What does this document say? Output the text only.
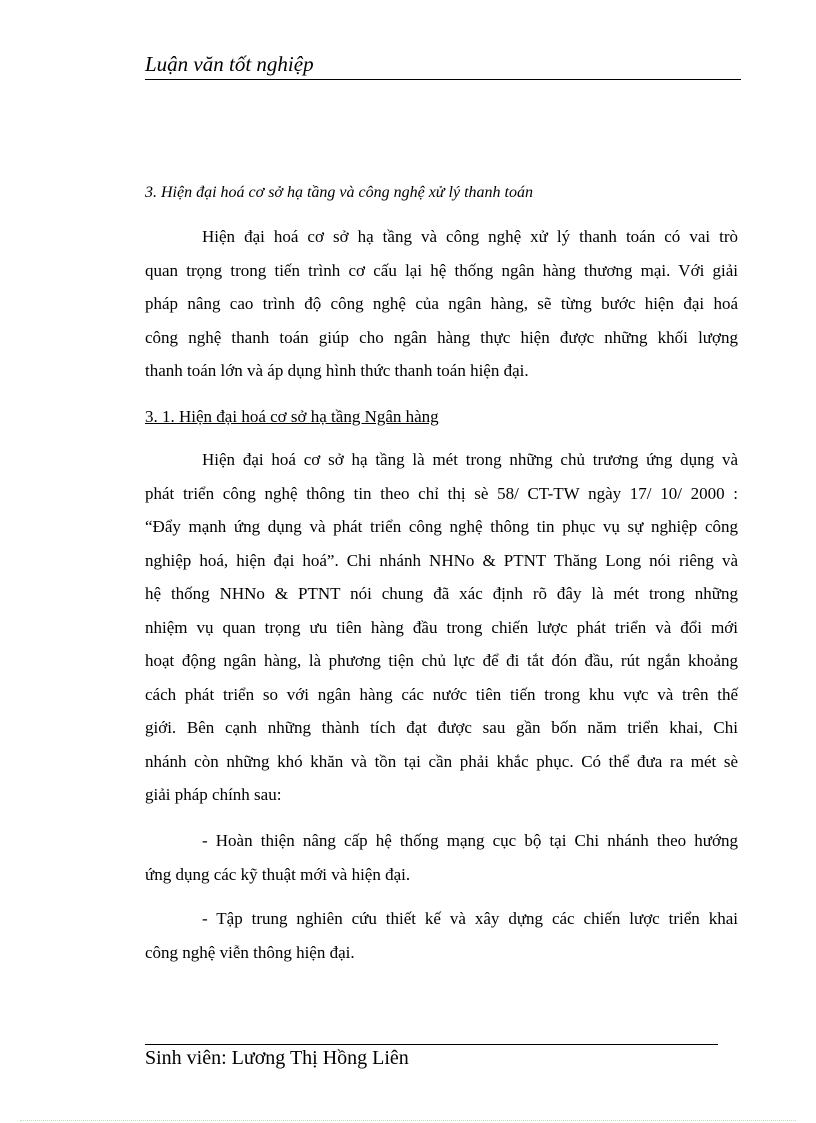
Luận văn tốt nghiệp
3. Hiện đại hoá cơ sở hạ tầng và công nghệ xử lý thanh toán
Hiện đại hoá cơ sở hạ tầng và công nghệ xử lý thanh toán có vai trò
quan trọng trong tiến trình cơ cấu lại hệ thống ngân hàng thương mại. Với giải
pháp nâng cao trình độ công nghệ của ngân hàng, sẽ từng bước hiện đại hoá
công nghệ thanh toán giúp cho ngân hàng thực hiện được những khối lượng
thanh toán lớn và áp dụng hình thức thanh toán hiện đại.
3. 1. Hiện đại hoá cơ sở hạ tầng Ngân hàng
Hiện đại hoá cơ sở hạ tầng là mét trong những chủ trương ứng dụng và
phát triển công nghệ thông tin theo chỉ thị sè 58/ CT-TW ngày 17/ 10/ 2000 :
“Đẩy mạnh ứng dụng và phát triển công nghệ thông tin phục vụ sự nghiệp công
nghiệp hoá, hiện đại hoá”. Chi nhánh NHNo & PTNT Thăng Long nói riêng và
hệ thống NHNo & PTNT nói chung đã xác định rõ đây là mét trong những
nhiệm vụ quan trọng ưu tiên hàng đầu trong chiến lược phát triển và đổi mới
hoạt động ngân hàng, là phương tiện chủ lực để đi tắt đón đầu, rút ngắn khoảng
cách phát triển so với ngân hàng các nước tiên tiến trong khu vực và trên thế
giới. Bên cạnh những thành tích đạt được sau gần bốn năm triển khai, Chi
nhánh còn những khó khăn và tồn tại cần phải khắc phục. Có thể đưa ra mét sè
giải pháp chính sau:
- Hoàn thiện nâng cấp hệ thống mạng cục bộ tại Chi nhánh theo hướng
ứng dụng các kỹ thuật mới và hiện đại.
- Tập trung nghiên cứu thiết kế và xây dựng các chiến lược triển khai
công nghệ viễn thông hiện đại.
Sinh viên: Lương Thị Hồng Liên
